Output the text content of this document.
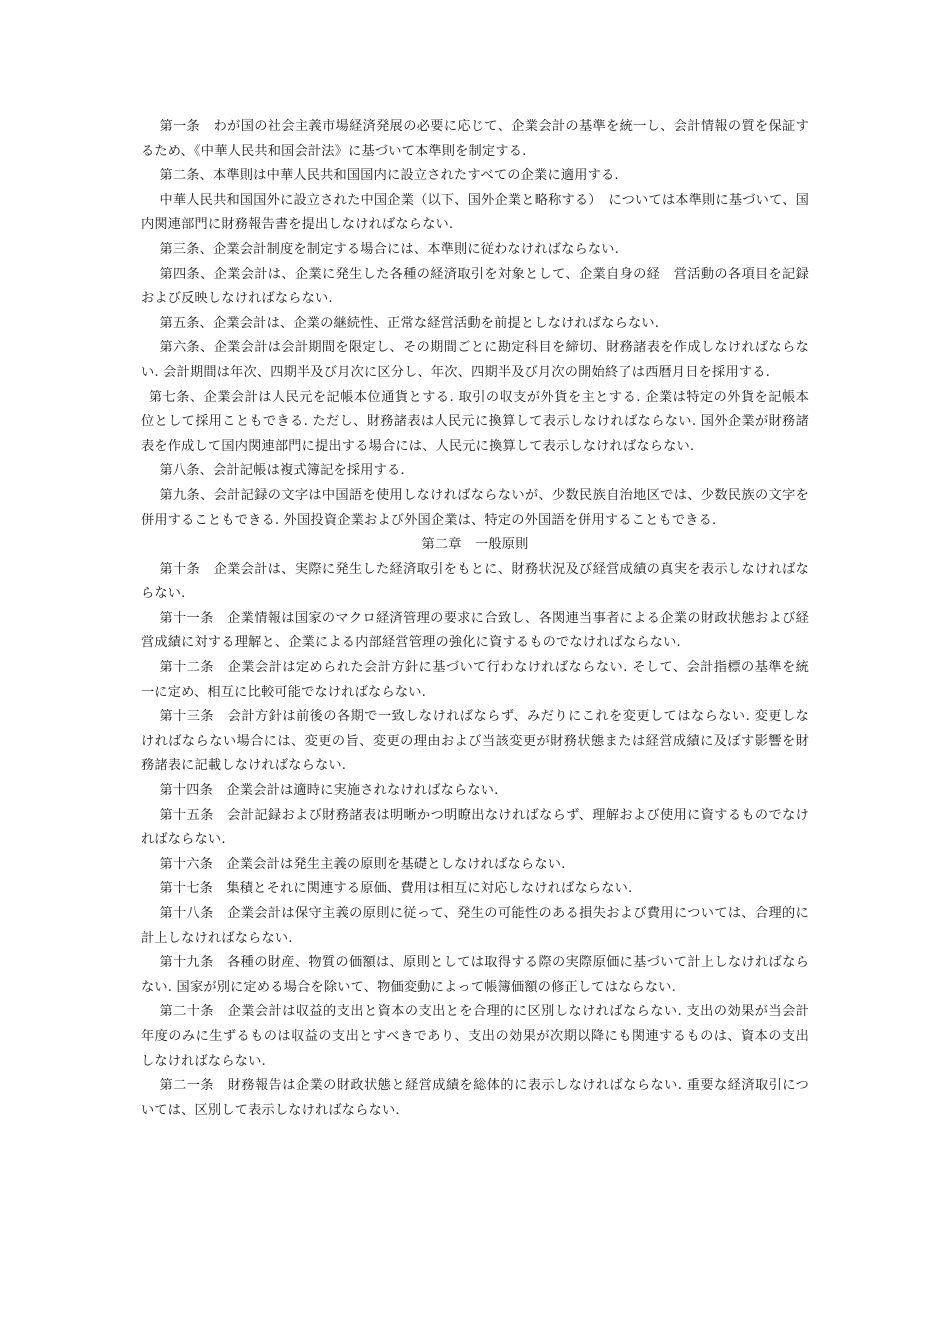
第一条　わが国の社会主義市場経済発展の必要に応じて、企業会計の基準を統一し、会計情報の質を保証するため、《中華人民共和国会計法》に基づいて本準則を制定する.

第二条、本準則は中華人民共和国国内に設立されたすべての企業に適用する.

中華人民共和国国外に設立された中国企業（以下、国外企業と略称する）　については本準則に基づいて、国内関連部門に財務報告書を提出しなければならない.

第三条、企業会計制度を制定する場合には、本準則に従わなければならない.

第四条、企業会計は、企業に発生した各種の経済取引を対象として、企業自身の経　営活動の各項目を記録および反映しなければならない.

第五条、企業会計は、企業の継続性、正常な経営活動を前提としなければならない.

第六条、企業会計は会計期間を限定し、その期間ごとに勘定科目を締切、財務諸表を作成しなければならない. 会計期間は年次、四期半及び月次に区分し、年次、四期半及び月次の開始終了は西暦月日を採用する.

第七条、企業会計は人民元を記帳本位通貨とする. 取引の収支が外貨を主とする. 企業は特定の外貨を記帳本位として採用こともできる. ただし、財務諸表は人民元に換算して表示しなければならない. 国外企業が財務諸表を作成して国内関連部門に提出する場合には、人民元に換算して表示しなければならない.

第八条、会計記帳は複式簿記を採用する.

第九条、会計記録の文字は中国語を使用しなければならないが、少数民族自治地区では、少数民族の文字を併用することもできる. 外国投資企業および外国企業は、特定の外国語を併用することもできる.

第二章　一般原則

第十条　企業会計は、実際に発生した経済取引をもとに、財務状況及び経営成績の真実を表示しなければならない.

第十一条　企業情報は国家のマクロ経済管理の要求に合致し、各関連当事者による企業の財政状態および経営成績に対する理解と、企業による内部経営管理の強化に資するものでなければならない.

第十二条　企業会計は定められた会計方針に基づいて行わなければならない. そして、会計指標の基準を統一に定め、相互に比較可能でなければならない.

第十三条　会計方針は前後の各期で一致しなければならず、みだりにこれを変更してはならない. 変更しなければならない場合には、変更の旨、変更の理由および当該変更が財務状態または経営成績に及ぼす影響を財務諸表に記載しなければならない.

第十四条　企業会計は適時に実施されなければならない.

第十五条　会計記録および財務諸表は明晰かつ明瞭出なければならず、理解および使用に資するものでなければならない.

第十六条　企業会計は発生主義の原則を基礎としなければならない.

第十七条　集積とそれに関連する原価、費用は相互に対応しなければならない.

第十八条　企業会計は保守主義の原則に従って、発生の可能性のある損失および費用については、合理的に計上しなければならない.

第十九条　各種の財産、物質の価額は、原則としては取得する際の実際原価に基づいて計上しなければならない. 国家が別に定める場合を除いて、物価変動によって帳簿価額の修正してはならない.

第二十条　企業会計は収益的支出と資本の支出とを合理的に区別しなければならない. 支出の効果が当会計年度のみに生ずるものは収益の支出とすべきであり、支出の効果が次期以降にも関連するものは、資本の支出しなければならない.

第二一条　財務報告は企業の財政状態と経営成績を総体的に表示しなければならない. 重要な経済取引については、区別して表示しなければならない.
